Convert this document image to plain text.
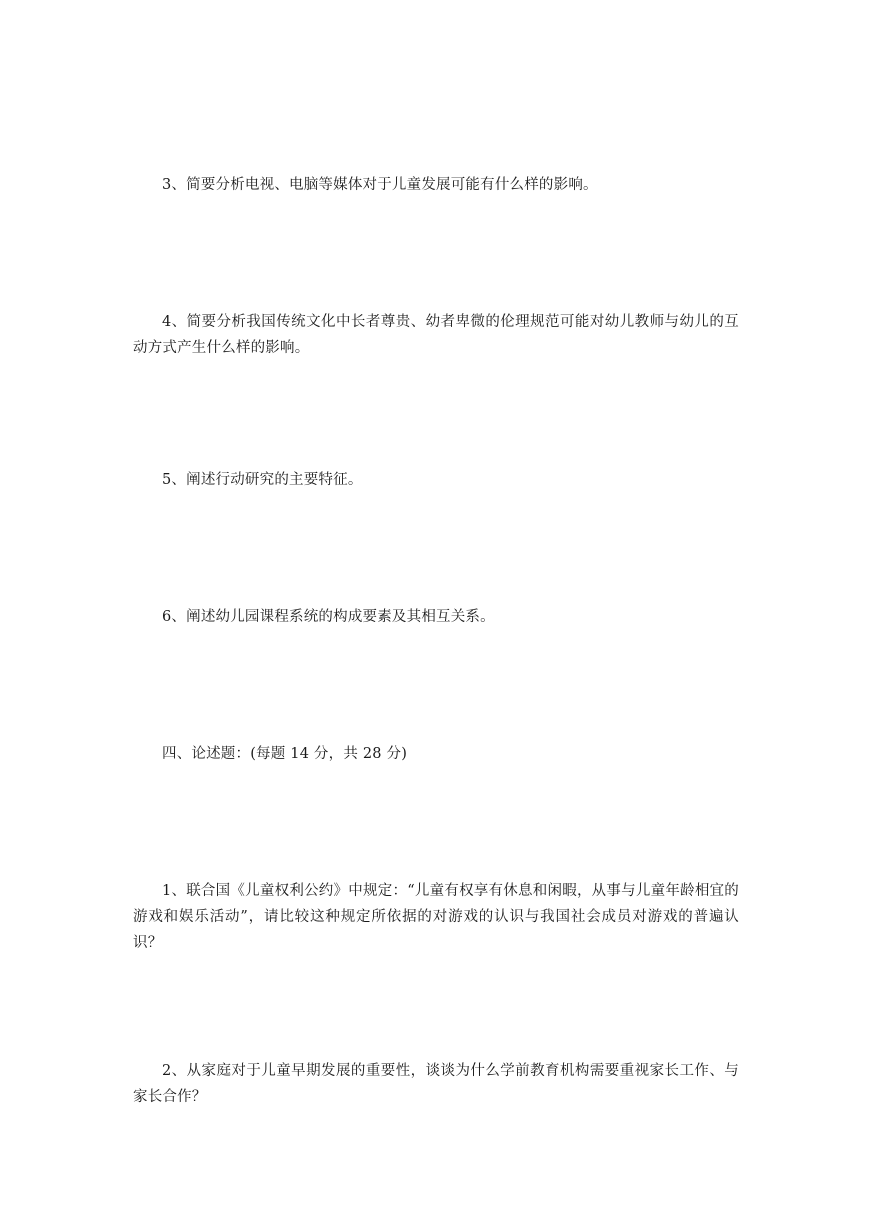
3、简要分析电视、电脑等媒体对于儿童发展可能有什么样的影响。

4、简要分析我国传统文化中长者尊贵、幼者卑微的伦理规范可能对幼儿教师与幼儿的互动方式产生什么样的影响。

5、阐述行动研究的主要特征。

6、阐述幼儿园课程系统的构成要素及其相互关系。

四、论述题：(每题 14 分，共 28 分)

1、联合国《儿童权利公约》中规定：“儿童有权享有休息和闲暇，从事与儿童年龄相宜的游戏和娱乐活动”，请比较这种规定所依据的对游戏的认识与我国社会成员对游戏的普遍认识？

2、从家庭对于儿童早期发展的重要性，谈谈为什么学前教育机构需要重视家长工作、与家长合作？
